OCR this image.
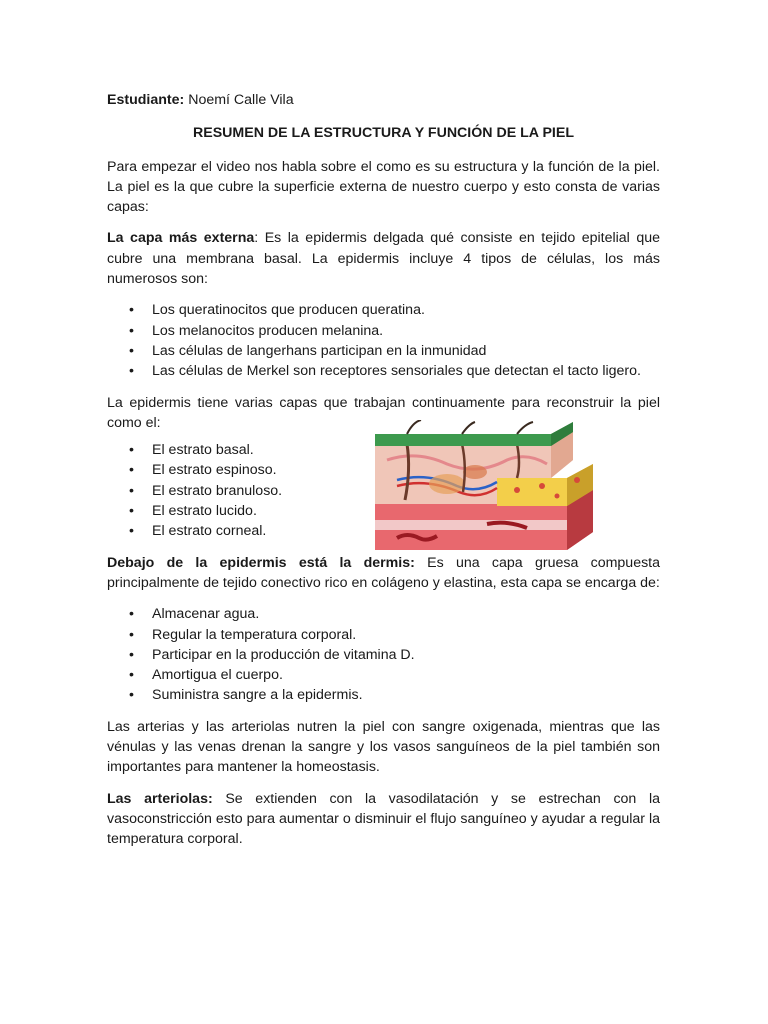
Estudiante: Noemí Calle Vila

RESUMEN DE LA ESTRUCTURA Y FUNCIÓN DE LA PIEL

Para empezar el video nos habla sobre el como es su estructura y la función de la piel. La piel es la que cubre la superficie externa de nuestro cuerpo y esto consta de varias capas:

La capa más externa: Es la epidermis delgada qué consiste en tejido epitelial que cubre una membrana basal. La epidermis incluye 4 tipos de células, los más numerosos son:

• Los queratinocitos que producen queratina.
• Los melanocitos producen melanina.
• Las células de langerhans participan en la inmunidad
• Las células de Merkel son receptores sensoriales que detectan el tacto ligero.

La epidermis tiene varias capas que trabajan continuamente para reconstruir la piel como el:

• El estrato basal.
• El estrato espinoso.
• El estrato branuloso.
• El estrato lucido.
• El estrato corneal.

Debajo de la epidermis está la dermis: Es una capa gruesa compuesta principalmente de tejido conectivo rico en colágeno y elastina, esta capa se encarga de:

• Almacenar agua.
• Regular la temperatura corporal.
• Participar en la producción de vitamina D.
• Amortigua el cuerpo.
• Suministra sangre a la epidermis.

Las arterias y las arteriolas nutren la piel con sangre oxigenada, mientras que las vénulas y las venas drenan la sangre y los vasos sanguíneos de la piel también son importantes para mantener la homeostasis.

Las arteriolas: Se extienden con la vasodilatación y se estrechan con la vasoconstricción esto para aumentar o disminuir el flujo sanguíneo y ayudar a regular la temperatura corporal.
